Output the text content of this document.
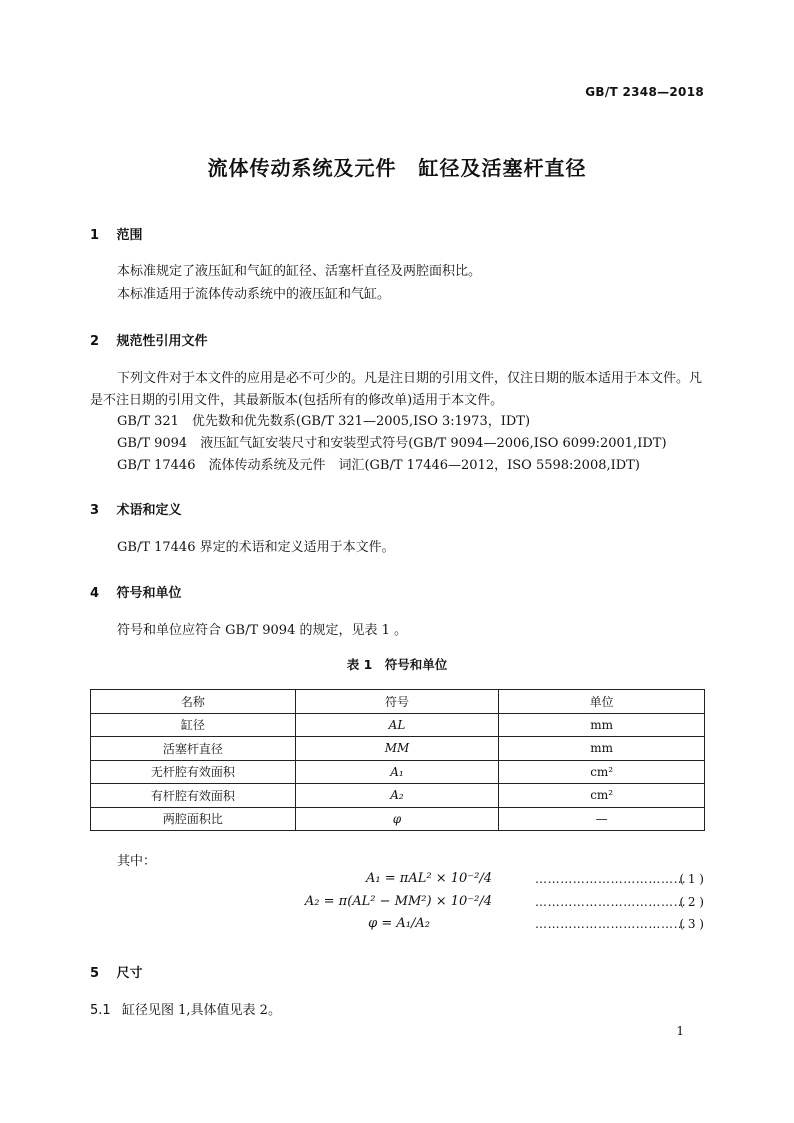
GB/T 2348—2018
流体传动系统及元件 缸径及活塞杆直径
1 范围
本标准规定了液压缸和气缸的缸径、活塞杆直径及两腔面积比。
本标准适用于流体传动系统中的液压缸和气缸。
2 规范性引用文件
下列文件对于本文件的应用是必不可少的。凡是注日期的引用文件，仅注日期的版本适用于本文件。凡是不注日期的引用文件，其最新版本(包括所有的修改单)适用于本文件。
GB/T 321　优先数和优先数系(GB/T 321—2005,ISO 3:1973，IDT)
GB/T 9094　液压缸气缸安装尺寸和安装型式符号(GB/T 9094—2006,ISO 6099:2001,IDT)
GB/T 17446　流体传动系统及元件　词汇(GB/T 17446—2012，ISO 5598:2008,IDT)
3 术语和定义
GB/T 17446 界定的术语和定义适用于本文件。
4 符号和单位
符号和单位应符合 GB/T 9094 的规定，见表 1 。
表 1　符号和单位
名称	符号	单位
缸径	AL	mm
活塞杆直径	MM	mm
无杆腔有效面积	A₁	cm²
有杆腔有效面积	A₂	cm²
两腔面积比	φ	—
其中：
A₁ = πAL² × 10⁻²/4	………………………………
( 1 )
A₂ = π(AL² − MM²) × 10⁻²/4	………………………………
( 2 )
φ = A₁/A₂	………………………………
( 3 )
5 尺寸
5.1 缸径见图 1,具体值见表 2。
1
